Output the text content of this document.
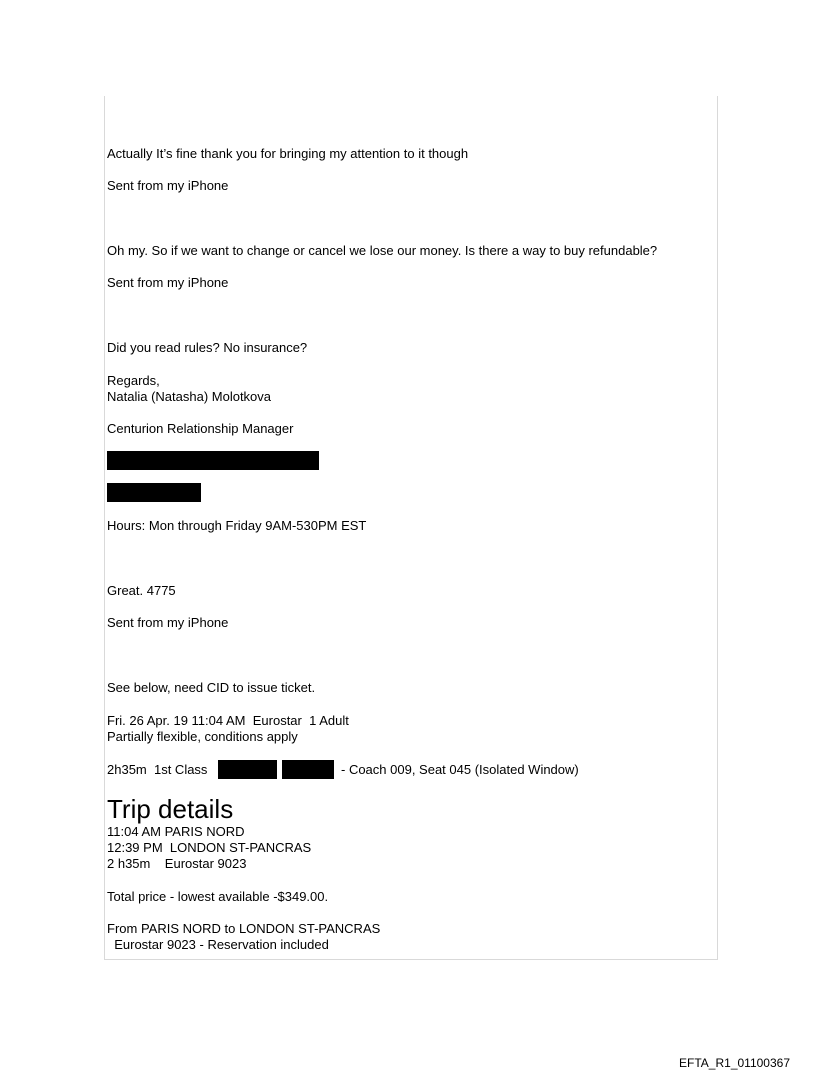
Actually It’s fine thank you for bringing my attention to it though
Sent from my iPhone
Oh my. So if we want to change or cancel we lose our money. Is there a way to buy refundable?
Sent from my iPhone
Did you read rules? No insurance?
Regards,
Natalia (Natasha) Molotkova
Centurion Relationship Manager
Hours: Mon through Friday 9AM-530PM EST
Great. 4775
Sent from my iPhone
See below, need CID to issue ticket.
Fri. 26 Apr. 19 11:04 AM  Eurostar  1 Adult
Partially flexible, conditions apply

2h35m  1st Class

	- Coach 009, Seat 045 (Isolated Window)

Trip details
11:04 AM PARIS NORD
12:39 PM  LONDON ST-PANCRAS
2 h35m    Eurostar 9023
Total price - lowest available -$349.00.
From PARIS NORD to LONDON ST-PANCRAS
Eurostar 9023 - Reservation included
EFTA_R1_01100367
